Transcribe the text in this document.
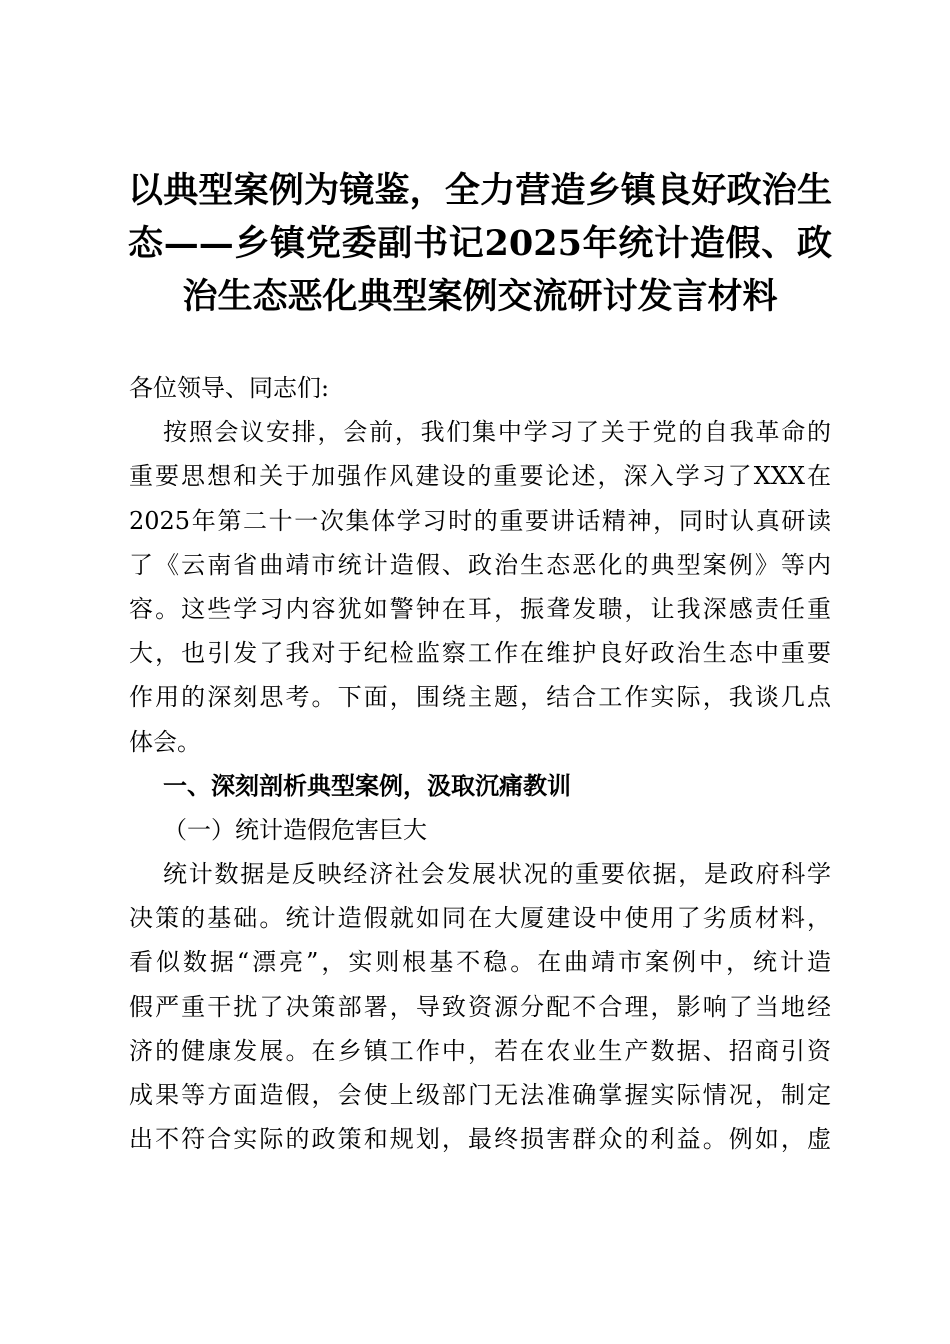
以典型案例为镜鉴，全力营造乡镇良好政治生
态——乡镇党委副书记2025年统计造假、政
治生态恶化典型案例交流研讨发言材料
各位领导、同志们:
按照会议安排，会前，我们集中学习了关于党的自我革命的
重要思想和关于加强作风建设的重要论述，深入学习了XXX在
2025年第二十一次集体学习时的重要讲话精神，同时认真研读
了《云南省曲靖市统计造假、政治生态恶化的典型案例》等内
容。这些学习内容犹如警钟在耳，振聋发聩，让我深感责任重
大，也引发了我对于纪检监察工作在维护良好政治生态中重要
作用的深刻思考。下面，围绕主题，结合工作实际，我谈几点
体会。
一、深刻剖析典型案例，汲取沉痛教训
（一）统计造假危害巨大
统计数据是反映经济社会发展状况的重要依据，是政府科学
决策的基础。统计造假就如同在大厦建设中使用了劣质材料，
看似数据“漂亮”，实则根基不稳。在曲靖市案例中，统计造
假严重干扰了决策部署，导致资源分配不合理，影响了当地经
济的健康发展。在乡镇工作中，若在农业生产数据、招商引资
成果等方面造假，会使上级部门无法准确掌握实际情况，制定
出不符合实际的政策和规划，最终损害群众的利益。例如，虚
